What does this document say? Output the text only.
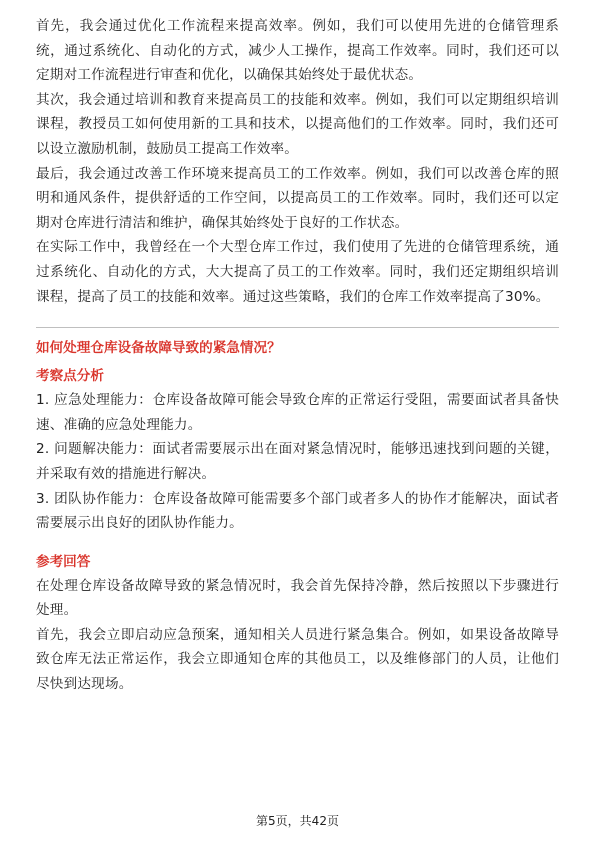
首先，我会通过优化工作流程来提高效率。例如，我们可以使用先进的仓储管理系统，通过系统化、自动化的方式，减少人工操作，提高工作效率。同时，我们还可以定期对工作流程进行审查和优化，以确保其始终处于最优状态。

其次，我会通过培训和教育来提高员工的技能和效率。例如，我们可以定期组织培训课程，教授员工如何使用新的工具和技术，以提高他们的工作效率。同时，我们还可以设立激励机制，鼓励员工提高工作效率。

最后，我会通过改善工作环境来提高员工的工作效率。例如，我们可以改善仓库的照明和通风条件，提供舒适的工作空间，以提高员工的工作效率。同时，我们还可以定期对仓库进行清洁和维护，确保其始终处于良好的工作状态。

在实际工作中，我曾经在一个大型仓库工作过，我们使用了先进的仓储管理系统，通过系统化、自动化的方式，大大提高了员工的工作效率。同时，我们还定期组织培训课程，提高了员工的技能和效率。通过这些策略，我们的仓库工作效率提高了30%。

如何处理仓库设备故障导致的紧急情况？
考察点分析

1. 应急处理能力：仓库设备故障可能会导致仓库的正常运行受阻，需要面试者具备快速、准确的应急处理能力。

2. 问题解决能力：面试者需要展示出在面对紧急情况时，能够迅速找到问题的关键，并采取有效的措施进行解决。

3. 团队协作能力：仓库设备故障可能需要多个部门或者多人的协作才能解决，面试者需要展示出良好的团队协作能力。

参考回答

在处理仓库设备故障导致的紧急情况时，我会首先保持冷静，然后按照以下步骤进行处理。

首先，我会立即启动应急预案，通知相关人员进行紧急集合。例如，如果设备故障导致仓库无法正常运作，我会立即通知仓库的其他员工，以及维修部门的人员，让他们尽快到达现场。

第5页，共42页
